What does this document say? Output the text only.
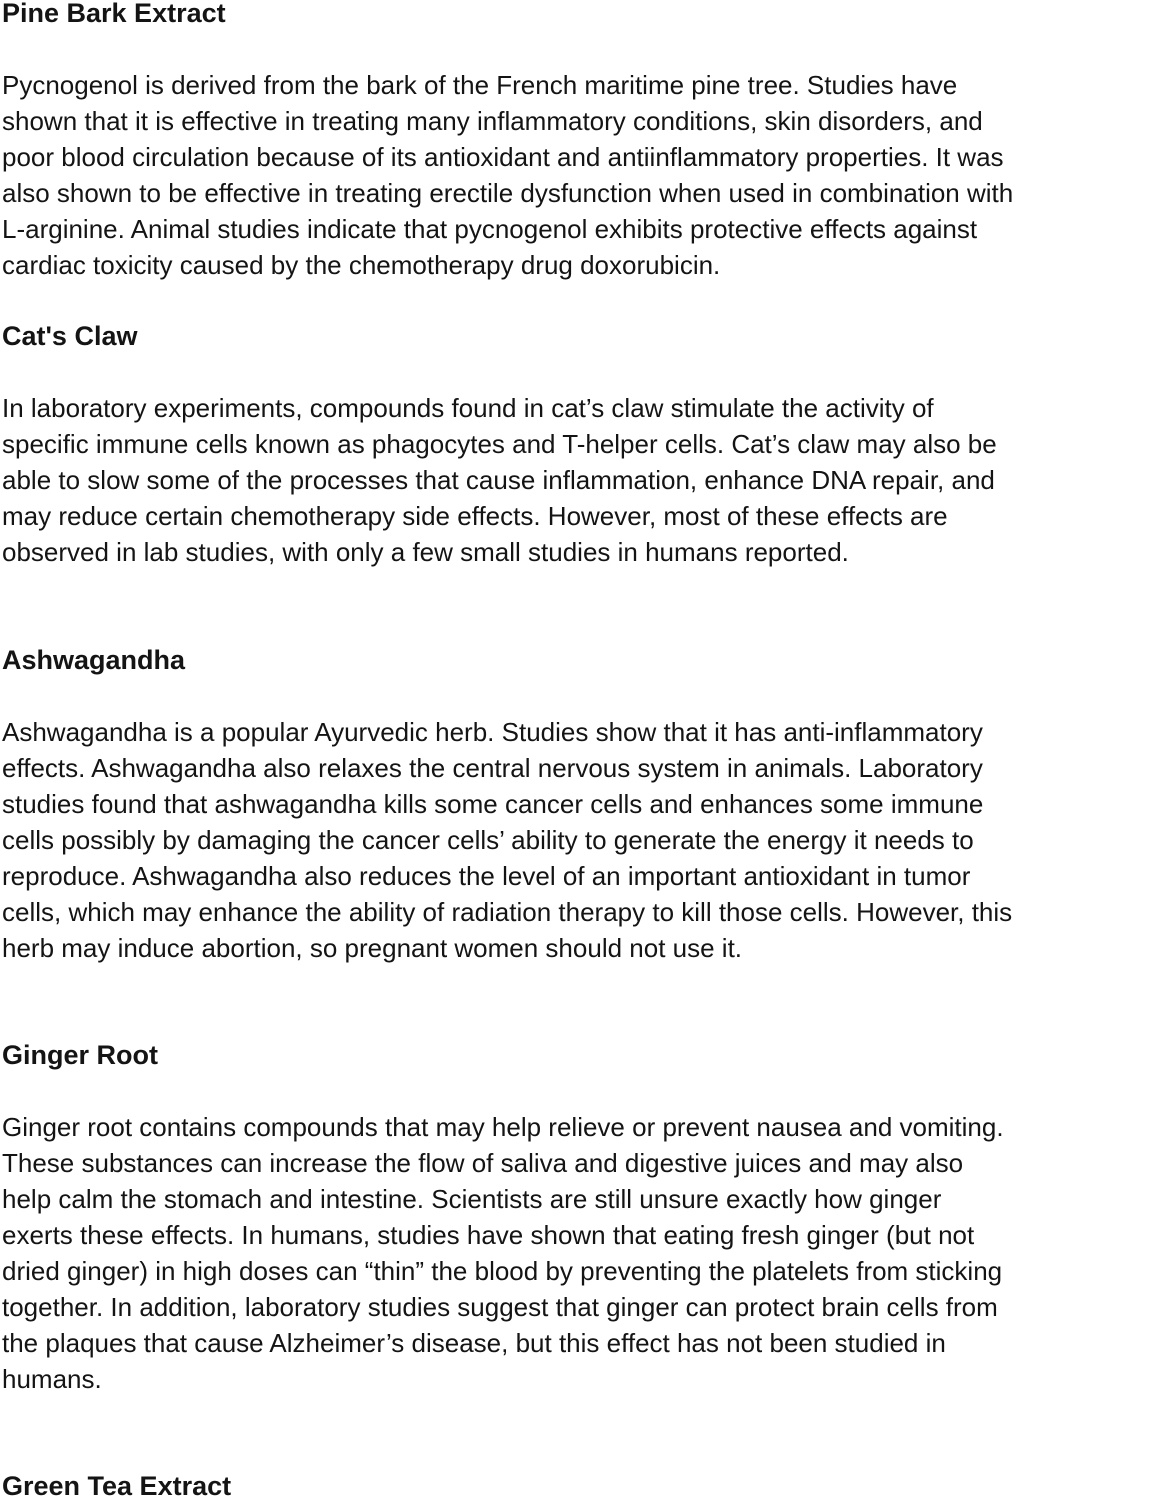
Pine Bark Extract
Pycnogenol is derived from the bark of the French maritime pine tree. Studies have
shown that it is effective in treating many inflammatory conditions, skin disorders, and
poor blood circulation because of its antioxidant and antiinflammatory properties. It was
also shown to be effective in treating erectile dysfunction when used in combination with
L-arginine. Animal studies indicate that pycnogenol exhibits protective effects against
cardiac toxicity caused by the chemotherapy drug doxorubicin.
Cat's Claw
In laboratory experiments, compounds found in cat’s claw stimulate the activity of
specific immune cells known as phagocytes and T-helper cells. Cat’s claw may also be
able to slow some of the processes that cause inflammation, enhance DNA repair, and
may reduce certain chemotherapy side effects. However, most of these effects are
observed in lab studies, with only a few small studies in humans reported.
Ashwagandha
Ashwagandha is a popular Ayurvedic herb. Studies show that it has anti-inflammatory
effects. Ashwagandha also relaxes the central nervous system in animals. Laboratory
studies found that ashwagandha kills some cancer cells and enhances some immune
cells possibly by damaging the cancer cells’ ability to generate the energy it needs to
reproduce. Ashwagandha also reduces the level of an important antioxidant in tumor
cells, which may enhance the ability of radiation therapy to kill those cells. However, this
herb may induce abortion, so pregnant women should not use it.
Ginger Root
Ginger root contains compounds that may help relieve or prevent nausea and vomiting.
These substances can increase the flow of saliva and digestive juices and may also
help calm the stomach and intestine. Scientists are still unsure exactly how ginger
exerts these effects. In humans, studies have shown that eating fresh ginger (but not
dried ginger) in high doses can “thin” the blood by preventing the platelets from sticking
together. In addition, laboratory studies suggest that ginger can protect brain cells from
the plaques that cause Alzheimer’s disease, but this effect has not been studied in
humans.
Green Tea Extract
